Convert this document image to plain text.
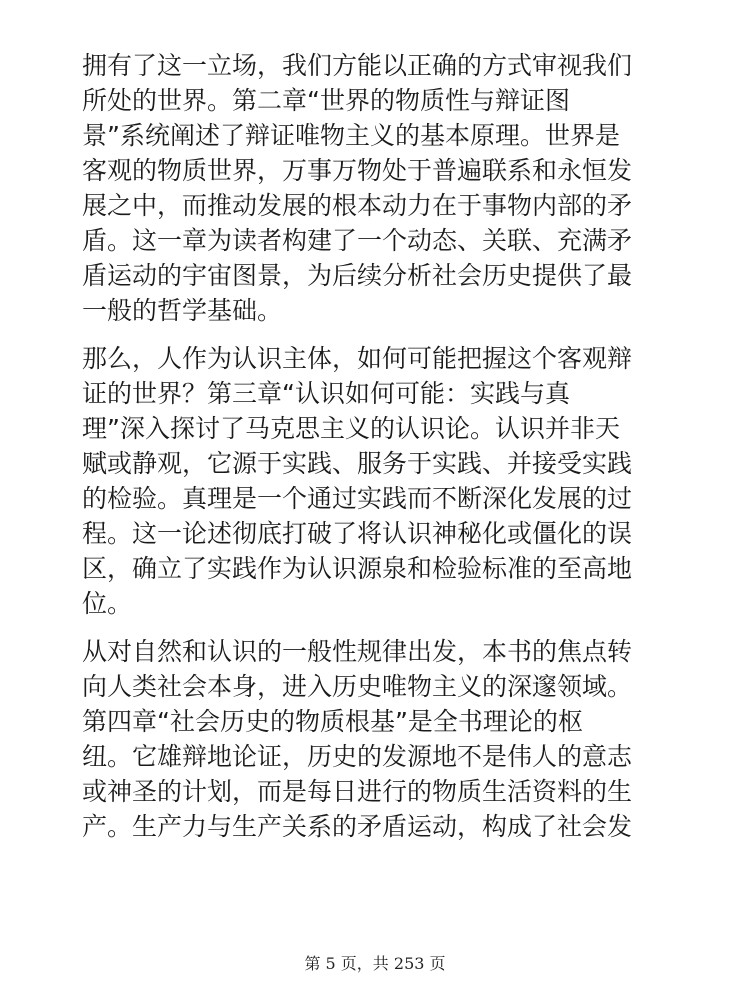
拥有了这一立场，我们方能以正确的方式审视我们
所处的世界。第二章“世界的物质性与辩证图
景”系统阐述了辩证唯物主义的基本原理。世界是
客观的物质世界，万事万物处于普遍联系和永恒发
展之中，而推动发展的根本动力在于事物内部的矛
盾。这一章为读者构建了一个动态、关联、充满矛
盾运动的宇宙图景，为后续分析社会历史提供了最
一般的哲学基础。
那么，人作为认识主体，如何可能把握这个客观辩
证的世界？第三章“认识如何可能：实践与真
理”深入探讨了马克思主义的认识论。认识并非天
赋或静观，它源于实践、服务于实践、并接受实践
的检验。真理是一个通过实践而不断深化发展的过
程。这一论述彻底打破了将认识神秘化或僵化的误
区，确立了实践作为认识源泉和检验标准的至高地
位。
从对自然和认识的一般性规律出发，本书的焦点转
向人类社会本身，进入历史唯物主义的深邃领域。
第四章“社会历史的物质根基”是全书理论的枢
纽。它雄辩地论证，历史的发源地不是伟人的意志
或神圣的计划，而是每日进行的物质生活资料的生
产。生产力与生产关系的矛盾运动，构成了社会发
第 5 页，共 253 页
